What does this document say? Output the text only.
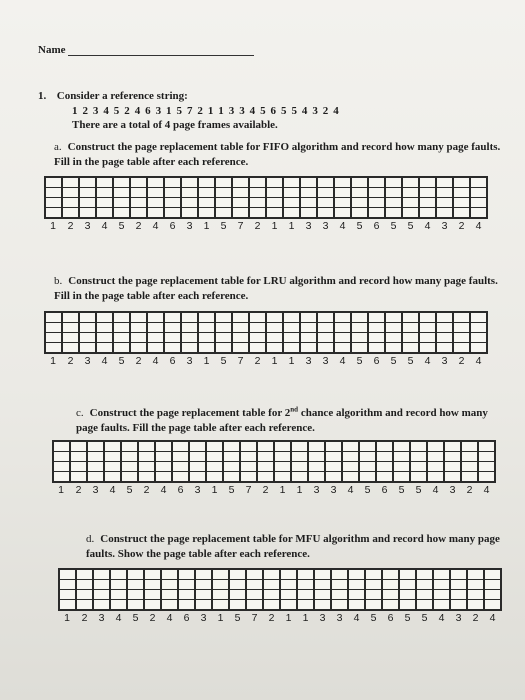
Name
1. Consider a reference string:
1 2 3 4 5 2 4 6 3 1 5 7 2 1 1 3 3 4 5 6 5 5 4 3 2 4
There are a total of 4 page frames available.
a. Construct the page replacement table for FIFO algorithm and record how many page faults. Fill in the page table after each reference.
1	2	3	4	5	2	4	6	3	1	5	7	2	1	1	3	3	4	5	6	5	5	4	3	2	4
b. Construct the page replacement table for LRU algorithm and record how many page faults. Fill in the page table after each reference.
1	2	3	4	5	2	4	6	3	1	5	7	2	1	1	3	3	4	5	6	5	5	4	3	2	4
c. Construct the page replacement table for 2nd chance algorithm and record how many page faults. Fill the page table after each reference.
1	2	3	4	5	2	4	6	3	1	5	7	2	1	1	3	3	4	5	6	5	5	4	3	2	4
d. Construct the page replacement table for MFU algorithm and record how many page faults. Show the page table after each reference.
1	2	3	4	5	2	4	6	3	1	5	7	2	1	1	3	3	4	5	6	5	5	4	3	2	4
